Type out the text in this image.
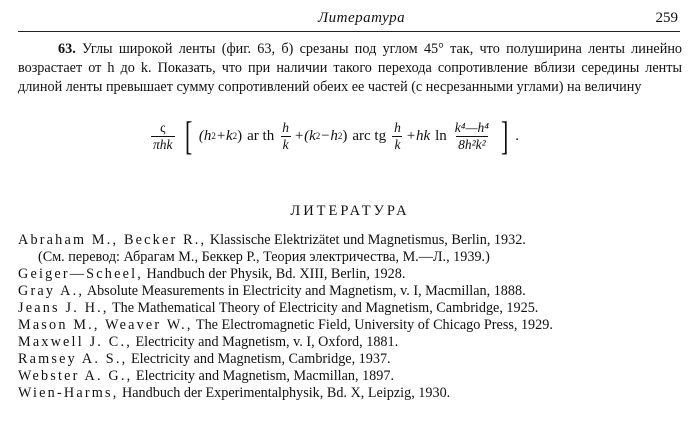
Литература	259

63. Углы широкой ленты (фиг. 63, б) срезаны под углом 45° так, что полуширина ленты линейно возрастает от h до k. Показать, что при наличии такого перехода сопротивление вблизи середины ленты длиной ленты превышает сумму сопротивлений обеих ее частей (с несрезанными углами) на величину

$\frac{\varsigma}{\text{πhk}}$ [ (h 2 +k 2 ) ar th $\frac{h}{k} +(k$ 2 −h 2 ) arc tg $\frac{h}{k} +hk$ $\ln \frac{\text{k⁴—h⁴}}{\text{8h²k²}}$ ] .
ЛИТЕРАТУРА

Abraham M., Becker R., Klassische Elektrizätet und Magnetismus, Berlin, 1932.

(См. перевод: Абрагам М., Беккер Р., Теория электричества, М.—Л., 1939.)

Geiger—Scheel, Handbuch der Physik, Bd. XIII, Berlin, 1928.

Gray A., Absolute Measurements in Electricity and Magnetism, v. I, Macmillan, 1888.

Jeans J. H., The Mathematical Theory of Electricity and Magnetism, Cambridge, 1925.

Mason M., Weaver W., The Electromagnetic Field, University of Chicago Press, 1929.

Maxwell J. C., Electricity and Magnetism, v. I, Oxford, 1881.

Ramsey A. S., Electricity and Magnetism, Cambridge, 1937.

Webster A. G., Electricity and Magnetism, Macmillan, 1897.

Wien-Harms, Handbuch der Experimentalphysik, Bd. X, Leipzig, 1930.
